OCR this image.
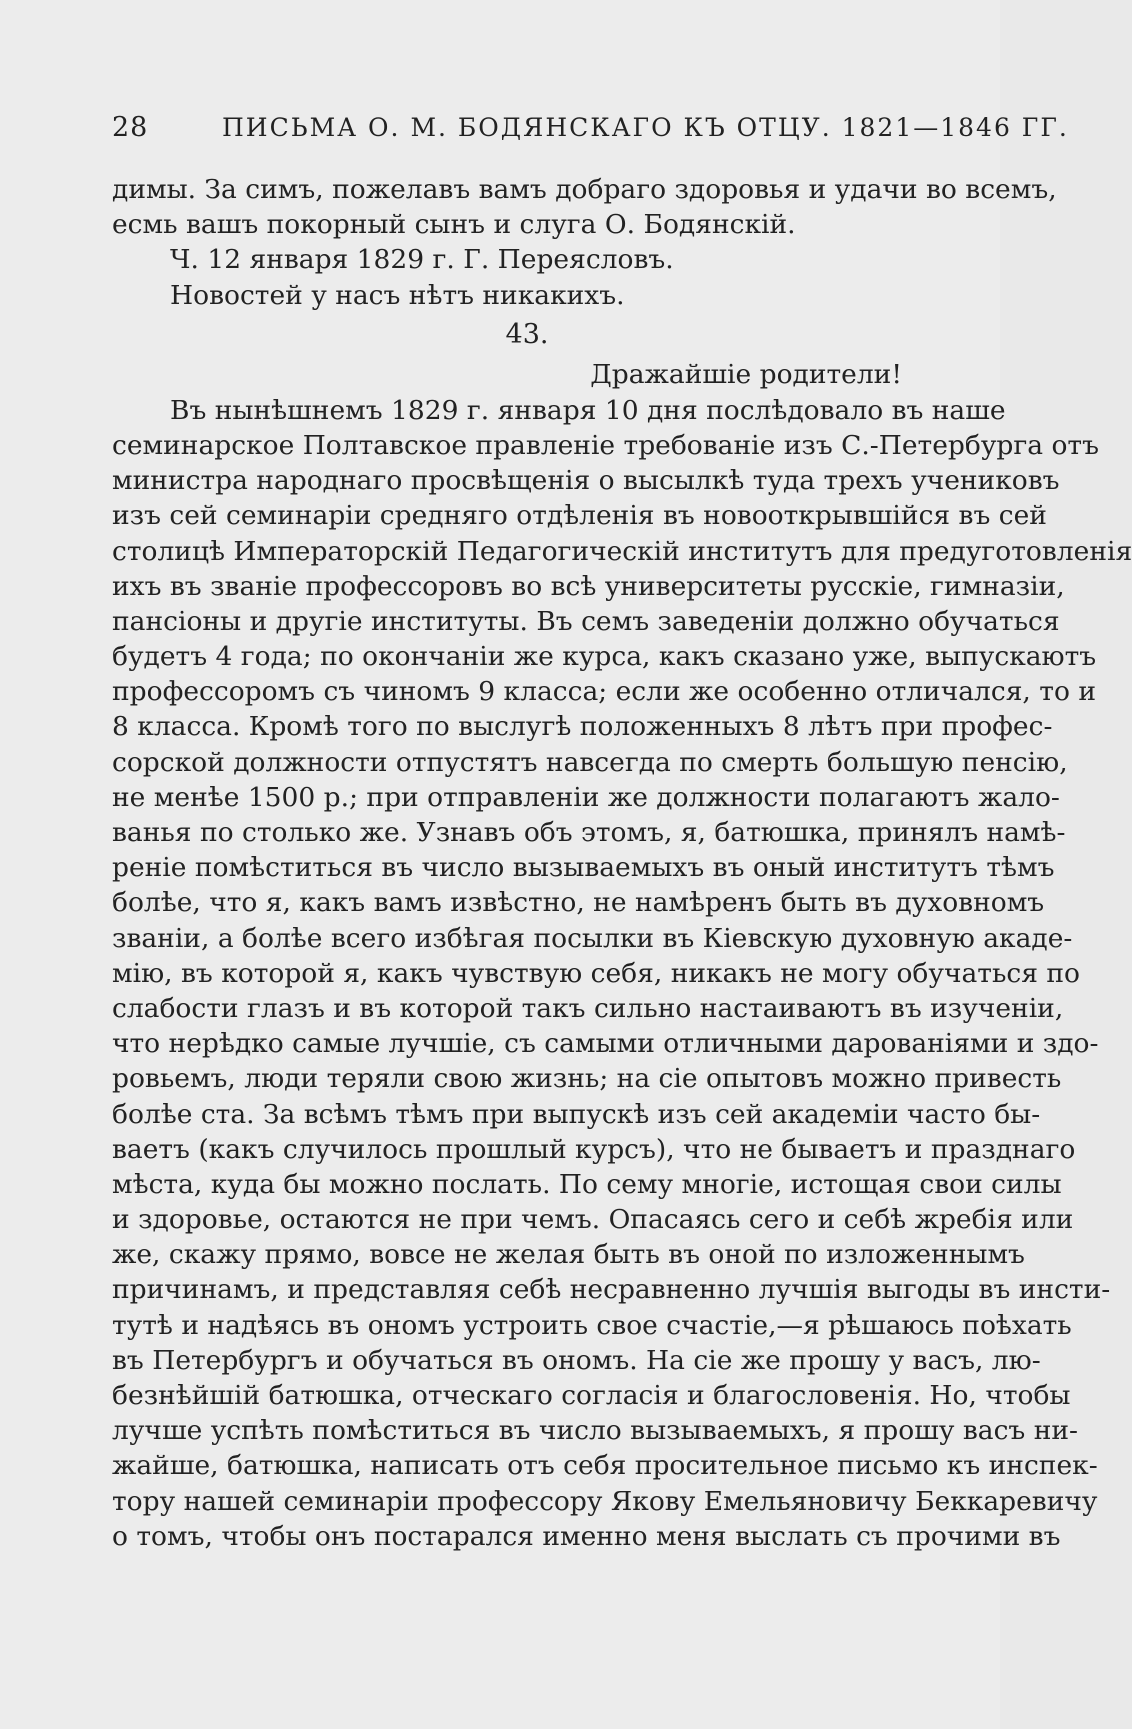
28	ПИСЬМА О. М. БОДЯНСКАГО КЪ ОТЦУ. 1821—1846 ГГ.
димы. За симъ, пожелавъ вамъ добраго здоровья и удачи во всемъ,
есмь вашъ покорный сынъ и слуга О. Бодянскiй.
Ч. 12 января 1829 г. Г. Переясловъ.
Новостей у насъ нѣтъ никакихъ.
43.
Дражайшiе родители!
Въ нынѣшнемъ 1829 г. января 10 дня послѣдовало въ наше
семинарское Полтавское правленiе требованiе изъ С.-Петербурга отъ
министра народнаго просвѣщенiя о высылкѣ туда трехъ учениковъ
изъ сей семинарiи средняго отдѣленiя въ новооткрывшiйся въ сей
столицѣ Императорскiй Педагогическiй институтъ для предуготовленiя
ихъ въ званiе профессоровъ во всѣ университеты русскiе, гимназiи,
пансiоны и другiе институты. Въ семъ заведенiи должно обучаться
будетъ 4 года; по окончанiи же курса, какъ сказано уже, выпускаютъ
профессоромъ съ чиномъ 9 класса; если же особенно отличался, то и
8 класса. Кромѣ того по выслугѣ положенныхъ 8 лѣтъ при профес-
сорской должности отпустятъ навсегда по смерть большую пенсiю,
не менѣе 1500 р.; при отправленiи же должности полагаютъ жало-
ванья по столько же. Узнавъ объ этомъ, я, батюшка, принялъ намѣ-
ренiе помѣститься въ число вызываемыхъ въ оный институтъ тѣмъ
болѣе, что я, какъ вамъ извѣстно, не намѣренъ быть въ духовномъ
званiи, а болѣе всего избѣгая посылки въ Кiевскую духовную акаде-
мiю, въ которой я, какъ чувствую себя, никакъ не могу обучаться по
слабости глазъ и въ которой такъ сильно настаиваютъ въ изученiи,
что нерѣдко самые лучшiе, съ самыми отличными дарованiями и здо-
ровьемъ, люди теряли свою жизнь; на сiе опытовъ можно привесть
болѣе ста. За всѣмъ тѣмъ при выпускѣ изъ сей академiи часто бы-
ваетъ (какъ случилось прошлый курсъ), что не бываетъ и празднаго
мѣста, куда бы можно послать. По сему многiе, истощая свои силы
и здоровье, остаются не при чемъ. Опасаясь сего и себѣ жребiя или
же, скажу прямо, вовсе не желая быть въ оной по изложеннымъ
причинамъ, и представляя себѣ несравненно лучшiя выгоды въ инсти-
тутѣ и надѣясь въ ономъ устроить свое счастiе,—я рѣшаюсь поѣхать
въ Петербургъ и обучаться въ ономъ. На сiе же прошу у васъ, лю-
безнѣйшiй батюшка, отческаго согласiя и благословенiя. Но, чтобы
лучше успѣть помѣститься въ число вызываемыхъ, я прошу васъ ни-
жайше, батюшка, написать отъ себя просительное письмо къ инспек-
тору нашей семинарiи профессору Якову Емельяновичу Беккаревичу
о томъ, чтобы онъ постарался именно меня выслать съ прочими въ
